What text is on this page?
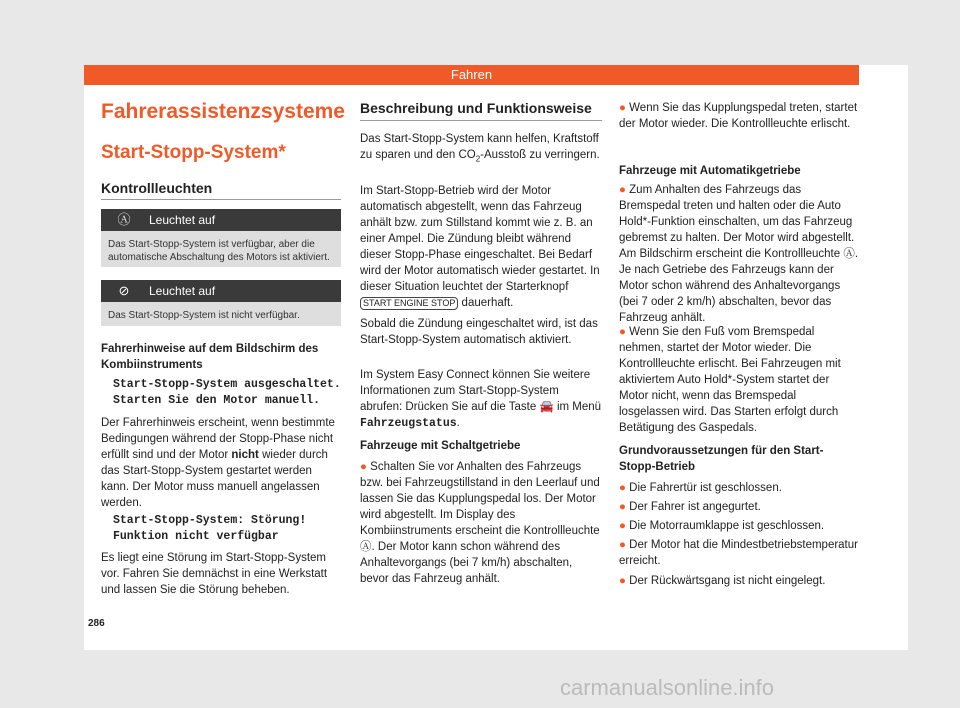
Fahren
Fahrerassistenzsysteme
Start-Stopp-System*
Kontrollleuchten
Ⓐ Leuchtet auf
Das Start-Stopp-System ist verfügbar, aber die automatische Abschaltung des Motors ist aktiviert.
⊘ Leuchtet auf
Das Start-Stopp-System ist nicht verfügbar.
Fahrerhinweise auf dem Bildschirm des Kombiinstruments
Start-Stopp-System ausgeschaltet. Starten Sie den Motor manuell.

Der Fahrerhinweis erscheint, wenn bestimmte Bedingungen während der Stopp-Phase nicht erfüllt sind und der Motor nicht wieder durch das Start-Stopp-System gestartet werden kann. Der Motor muss manuell angelassen werden.

Start-Stopp-System: Störung! Funktion nicht verfügbar

Es liegt eine Störung im Start-Stopp-System vor. Fahren Sie demnächst in eine Werkstatt und lassen Sie die Störung beheben.

Beschreibung und Funktionsweise

Das Start-Stopp-System kann helfen, Kraftstoff zu sparen und den $CO_2$-Ausstoß zu verringern.

Im Start-Stopp-Betrieb wird der Motor automatisch abgestellt, wenn das Fahrzeug anhält bzw. zum Stillstand kommt wie z. B. an einer Ampel. Die Zündung bleibt während dieser Stopp-Phase eingeschaltet. Bei Bedarf wird der Motor automatisch wieder gestartet. In dieser Situation leuchtet der Starterknopf START ENGINE STOP dauerhaft.

Sobald die Zündung eingeschaltet wird, ist das Start-Stopp-System automatisch aktiviert.

Im System Easy Connect können Sie weitere Informationen zum Start-Stopp-System abrufen: Drücken Sie auf die Taste 🚘 im Menü Fahrzeugstatus.

Fahrzeuge mit Schaltgetriebe

● Schalten Sie vor Anhalten des Fahrzeugs bzw. bei Fahrzeugstillstand in den Leerlauf und lassen Sie das Kupplungspedal los. Der Motor wird abgestellt. Im Display des Kombiinstruments erscheint die Kontrollleuchte Ⓐ. Der Motor kann schon während des Anhaltevorgangs (bei 7 km/h) abschalten, bevor das Fahrzeug anhält.

● Wenn Sie das Kupplungspedal treten, startet der Motor wieder. Die Kontrollleuchte erlischt.

Fahrzeuge mit Automatikgetriebe

● Zum Anhalten des Fahrzeugs das Bremspedal treten und halten oder die Auto Hold*-Funktion einschalten, um das Fahrzeug gebremst zu halten. Der Motor wird abgestellt. Am Bildschirm erscheint die Kontrollleuchte Ⓐ. Je nach Getriebe des Fahrzeugs kann der Motor schon während des Anhaltevorgangs (bei 7 oder 2 km/h) abschalten, bevor das Fahrzeug anhält.

● Wenn Sie den Fuß vom Bremspedal nehmen, startet der Motor wieder. Die Kontrollleuchte erlischt. Bei Fahrzeugen mit aktiviertem Auto Hold*-System startet der Motor nicht, wenn das Bremspedal losgelassen wird. Das Starten erfolgt durch Betätigung des Gaspedals.

Grundvoraussetzungen für den Start-Stopp-Betrieb

● Die Fahrertür ist geschlossen.

● Der Fahrer ist angegurtet.

● Die Motorraumklappe ist geschlossen.

● Der Motor hat die Mindestbetriebstemperatur erreicht.

● Der Rückwärtsgang ist nicht eingelegt.

286
carmanualsonline.info
